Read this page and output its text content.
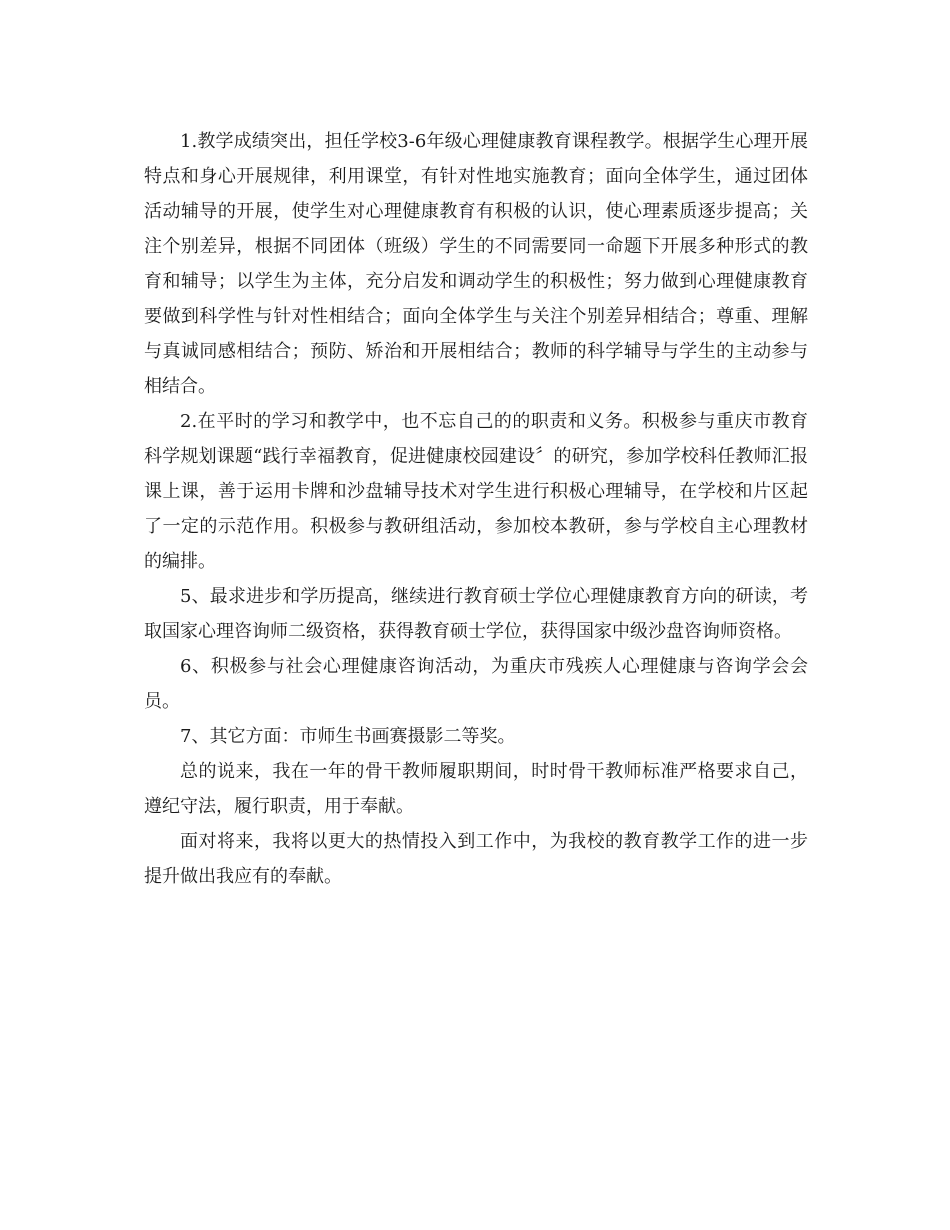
1.教学成绩突出，担任学校3-6年级心理健康教育课程教学。根据学生心理开展特点和身心开展规律，利用课堂，有针对性地实施教育；面向全体学生，通过团体活动辅导的开展，使学生对心理健康教育有积极的认识，使心理素质逐步提高；关注个别差异，根据不同团体（班级）学生的不同需要同一命题下开展多种形式的教育和辅导；以学生为主体，充分启发和调动学生的积极性；努力做到心理健康教育要做到科学性与针对性相结合；面向全体学生与关注个别差异相结合；尊重、理解与真诚同感相结合；预防、矫治和开展相结合；教师的科学辅导与学生的主动参与相结合。

2.在平时的学习和教学中，也不忘自己的的职责和义务。积极参与重庆市教育科学规划课题“践行幸福教育，促进健康校园建设〞的研究，参加学校科任教师汇报课上课，善于运用卡牌和沙盘辅导技术对学生进行积极心理辅导，在学校和片区起了一定的示范作用。积极参与教研组活动，参加校本教研，参与学校自主心理教材的编排。

5、最求进步和学历提高，继续进行教育硕士学位心理健康教育方向的研读，考取国家心理咨询师二级资格，获得教育硕士学位，获得国家中级沙盘咨询师资格。

6、积极参与社会心理健康咨询活动，为重庆市残疾人心理健康与咨询学会会员。

7、其它方面：市师生书画赛摄影二等奖。

总的说来，我在一年的骨干教师履职期间，时时骨干教师标准严格要求自己，遵纪守法，履行职责，用于奉献。

面对将来，我将以更大的热情投入到工作中，为我校的教育教学工作的进一步提升做出我应有的奉献。
